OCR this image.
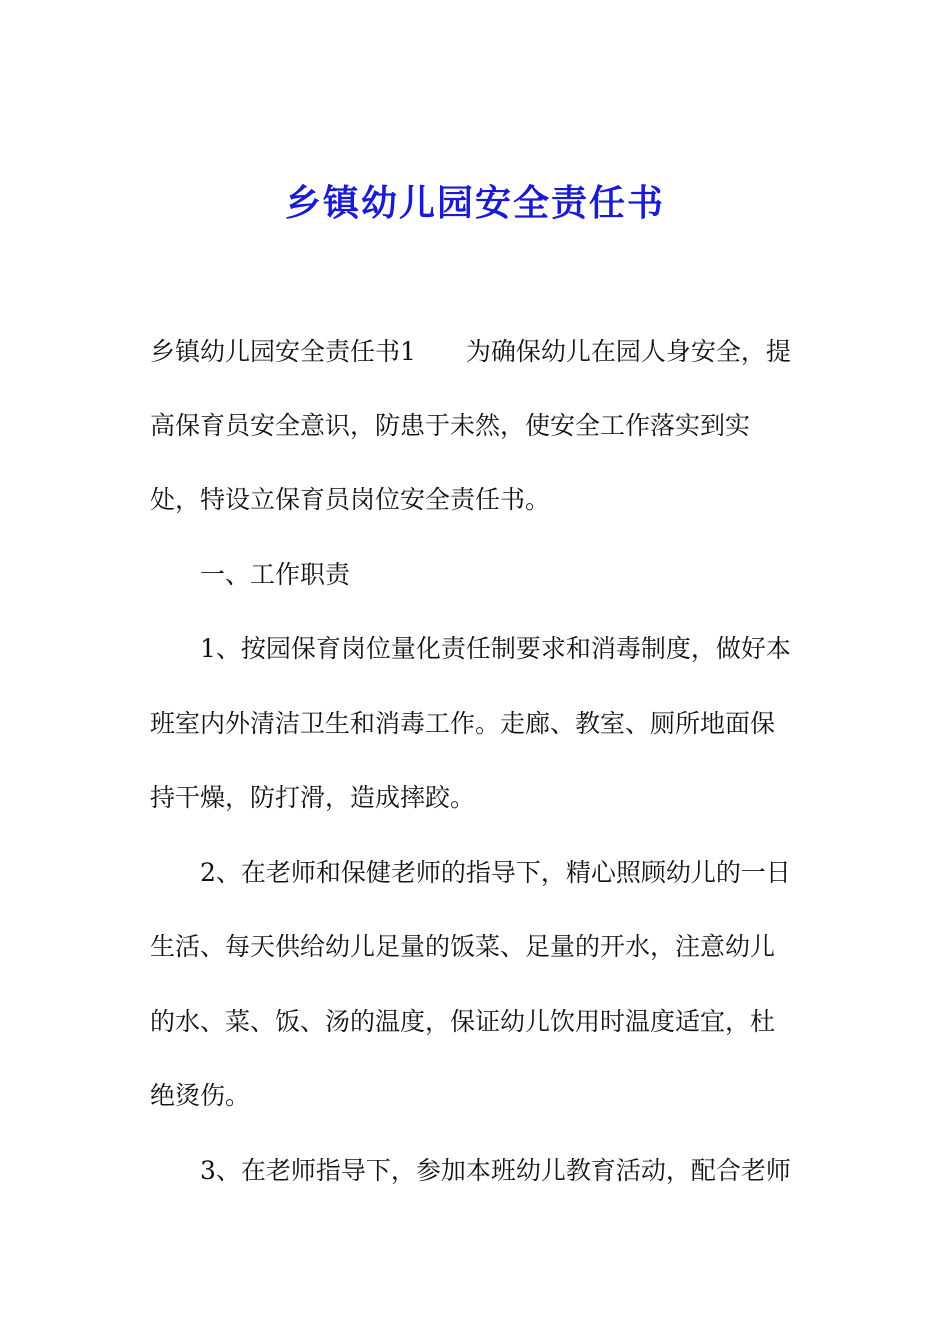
乡镇幼儿园安全责任书
乡镇幼儿园安全责任书1　　为确保幼儿在园人身安全，提
高保育员安全意识，防患于未然，使安全工作落实到实
处，特设立保育员岗位安全责任书。
一、工作职责
1、按园保育岗位量化责任制要求和消毒制度，做好本
班室内外清洁卫生和消毒工作。走廊、教室、厕所地面保
持干燥，防打滑，造成摔跤。
2、在老师和保健老师的指导下，精心照顾幼儿的一日
生活、每天供给幼儿足量的饭菜、足量的开水，注意幼儿
的水、菜、饭、汤的温度，保证幼儿饮用时温度适宜，杜
绝烫伤。
3、在老师指导下，参加本班幼儿教育活动，配合老师
